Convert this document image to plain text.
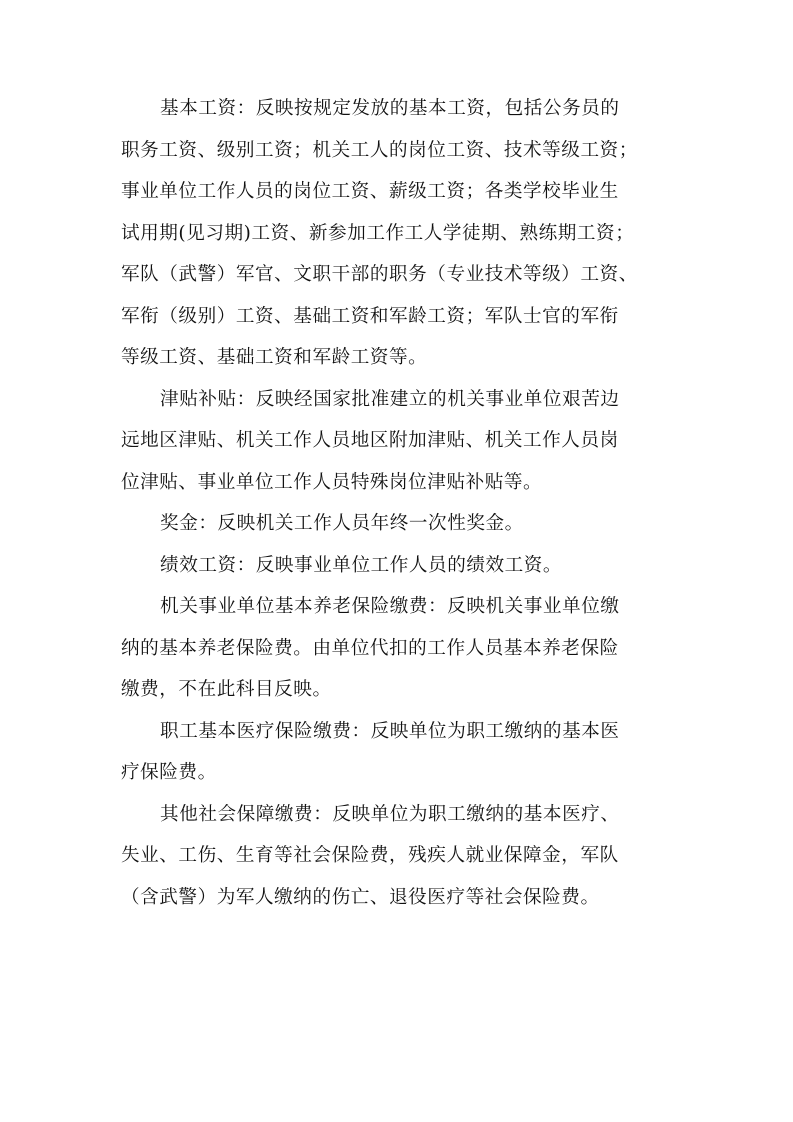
基本工资：反映按规定发放的基本工资，包括公务员的
职务工资、级别工资；机关工人的岗位工资、技术等级工资；
事业单位工作人员的岗位工资、薪级工资；各类学校毕业生
试用期(见习期)工资、新参加工作工人学徒期、熟练期工资；
军队（武警）军官、文职干部的职务（专业技术等级）工资、
军衔（级别）工资、基础工资和军龄工资；军队士官的军衔
等级工资、基础工资和军龄工资等。

津贴补贴：反映经国家批准建立的机关事业单位艰苦边
远地区津贴、机关工作人员地区附加津贴、机关工作人员岗
位津贴、事业单位工作人员特殊岗位津贴补贴等。

奖金：反映机关工作人员年终一次性奖金。

绩效工资：反映事业单位工作人员的绩效工资。

机关事业单位基本养老保险缴费：反映机关事业单位缴
纳的基本养老保险费。由单位代扣的工作人员基本养老保险
缴费，不在此科目反映。

职工基本医疗保险缴费：反映单位为职工缴纳的基本医
疗保险费。

其他社会保障缴费：反映单位为职工缴纳的基本医疗、
失业、工伤、生育等社会保险费，残疾人就业保障金，军队
（含武警）为军人缴纳的伤亡、退役医疗等社会保险费。
